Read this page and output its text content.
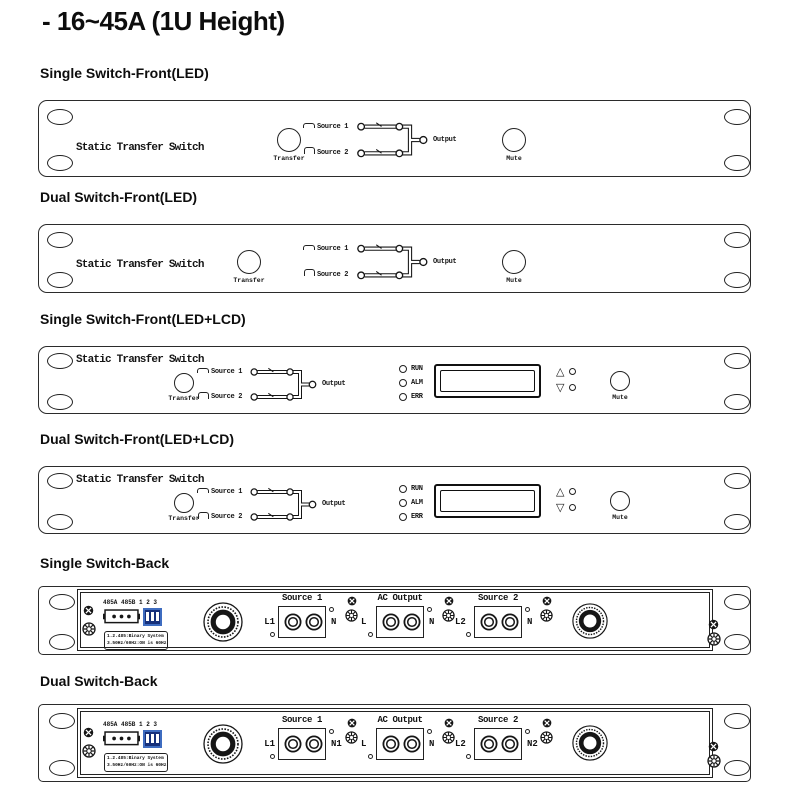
- 16~45A (1U Height)
Single Switch-Front(LED)
Dual Switch-Front(LED)
Single Switch-Front(LED+LCD)
Dual Switch-Front(LED+LCD)
Single Switch-Back
Dual Switch-Back
Static Transfer Switch
Transfer
Source 1
Source 2
Output
Mute
Static Transfer Switch
Transfer
Source 1
Source 2
Output
Mute
Static Transfer Switch
Transfer
Source 1
Source 2
Output
RUN
ALM
ERR
△
▽
Mute
Static Transfer Switch
Transfer
Source 1
Source 2
Output
RUN
ALM
ERR
△
▽
Mute
485A 485B 1 2 3
1.2.485:Binary System
3.50Hz/60Hz:ON is 60Hz
Source 1
L1	N	L
AC Output
N L2
Source 2
N
485A 485B 1 2 3
1.2.485:Binary System
3.50Hz/60Hz:ON is 60Hz
Source 1
L1	N1 L
AC Output
N L2
Source 2
N2
